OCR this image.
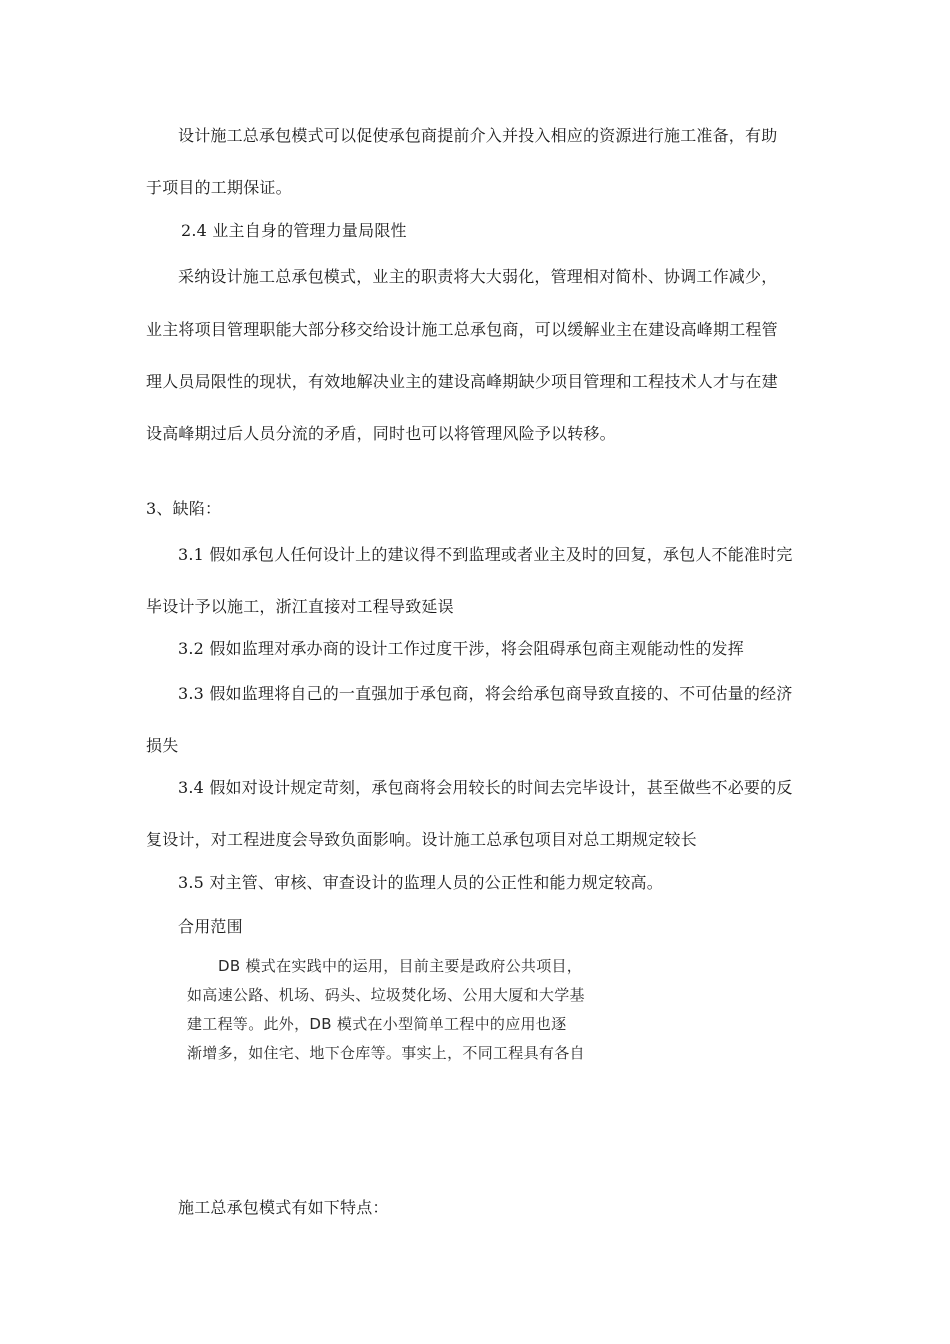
设计施工总承包模式可以促使承包商提前介入并投入相应的资源进行施工准备，有助
于项目的工期保证。
2.4 业主自身的管理力量局限性
采纳设计施工总承包模式，业主的职责将大大弱化，管理相对简朴、协调工作减少，
业主将项目管理职能大部分移交给设计施工总承包商，可以缓解业主在建设高峰期工程管
理人员局限性的现状，有效地解决业主的建设高峰期缺少项目管理和工程技术人才与在建
设高峰期过后人员分流的矛盾，同时也可以将管理风险予以转移。
3、缺陷：
3.1 假如承包人任何设计上的建议得不到监理或者业主及时的回复，承包人不能准时完
毕设计予以施工，浙江直接对工程导致延误
3.2 假如监理对承办商的设计工作过度干涉，将会阻碍承包商主观能动性的发挥
3.3 假如监理将自己的一直强加于承包商，将会给承包商导致直接的、不可估量的经济
损失
3.4 假如对设计规定苛刻，承包商将会用较长的时间去完毕设计，甚至做些不必要的反
复设计，对工程进度会导致负面影响。设计施工总承包项目对总工期规定较长
3.5 对主管、审核、审查设计的监理人员的公正性和能力规定较高。
合用范围
DB 模式在实践中的运用，目前主要是政府公共项目，
如高速公路、机场、码头、垃圾焚化场、公用大厦和大学基
建工程等。此外，DB 模式在小型简单工程中的应用也逐
渐增多，如住宅、地下仓库等。事实上，不同工程具有各自
施工总承包模式有如下特点：
